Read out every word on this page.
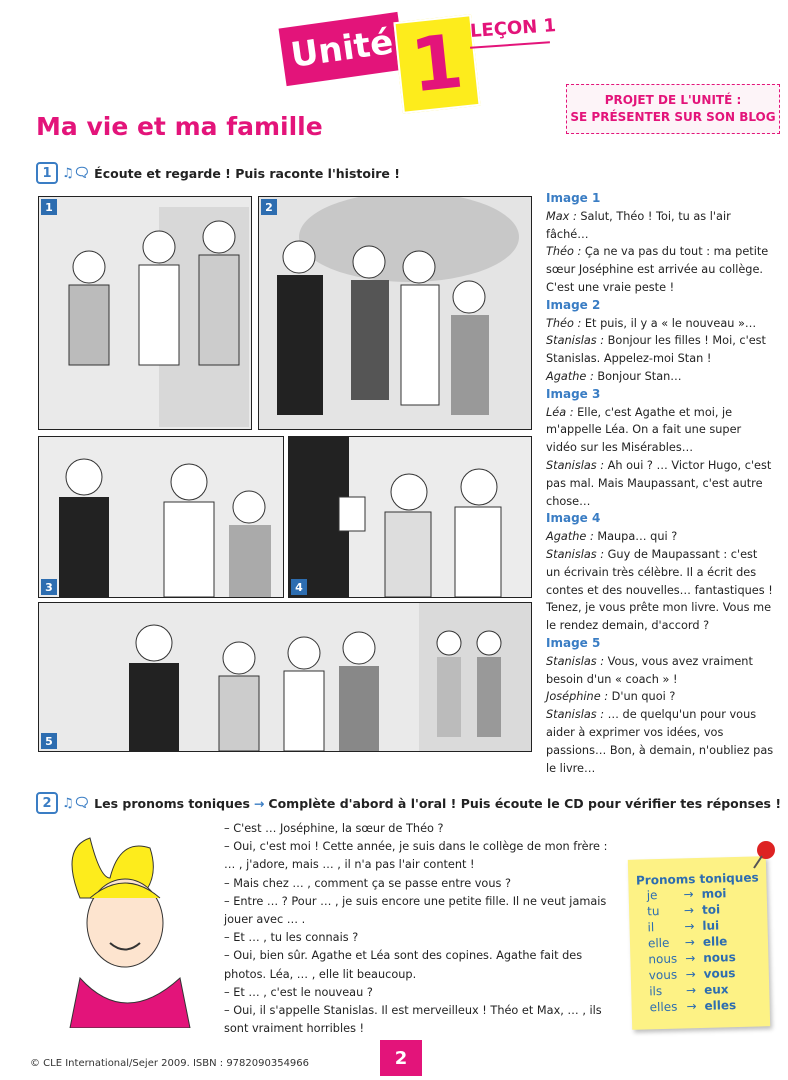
Unité 1 LEÇON 1
PROJET DE L'UNITÉ :
SE PRÉSENTER SUR SON BLOG
Ma vie et ma famille
1 ♫🗨 Écoute et regarde ! Puis raconte l'histoire !
1	2
3	4
5

Image 1

Max : Salut, Théo ! Toi, tu as l'air fâché…

Théo : Ça ne va pas du tout : ma petite sœur Joséphine est arrivée au collège. C'est une vraie peste !

Image 2

Théo : Et puis, il y a « le nouveau »…

Stanislas : Bonjour les filles ! Moi, c'est Stanislas. Appelez-moi Stan !

Agathe : Bonjour Stan…

Image 3

Léa : Elle, c'est Agathe et moi, je m'appelle Léa. On a fait une super vidéo sur les Misérables…

Stanislas : Ah oui ? … Victor Hugo, c'est pas mal. Mais Maupassant, c'est autre chose…

Image 4

Agathe : Maupa… qui ?

Stanislas : Guy de Maupassant : c'est un écrivain très célèbre. Il a écrit des contes et des nouvelles… fantastiques ! Tenez, je vous prête mon livre. Vous me le rendez demain, d'accord ?

Image 5

Stanislas : Vous, vous avez vraiment besoin d'un « coach » !

Joséphine : D'un quoi ?

Stanislas : … de quelqu'un pour vous aider à exprimer vos idées, vos passions… Bon, à demain, n'oubliez pas le livre…

2 ♫🗨 Les pronoms toniques → Complète d'abord à l'oral ! Puis écoute le CD pour vérifier tes réponses !

– C'est … Joséphine, la sœur de Théo ?

– Oui, c'est moi ! Cette année, je suis dans le collège de mon frère : … , j'adore, mais … , il n'a pas l'air content !

– Mais chez … , comment ça se passe entre vous ?

– Entre … ? Pour … , je suis encore une petite fille. Il ne veut jamais jouer avec … .

– Et … , tu les connais ?

– Oui, bien sûr. Agathe et Léa sont des copines. Agathe fait des photos. Léa, … , elle lit beaucoup.

– Et … , c'est le nouveau ?

– Oui, il s'appelle Stanislas. Il est merveilleux ! Théo et Max, … , ils sont vraiment horribles !

Pronoms toniques
je	→	moi
tu	→	toi
il	→	lui
elle	→	elle
nous	→	nous
vous	→	vous
ils	→	eux
elles	→	elles
© CLE International/Sejer 2009. ISBN : 9782090354966	2
